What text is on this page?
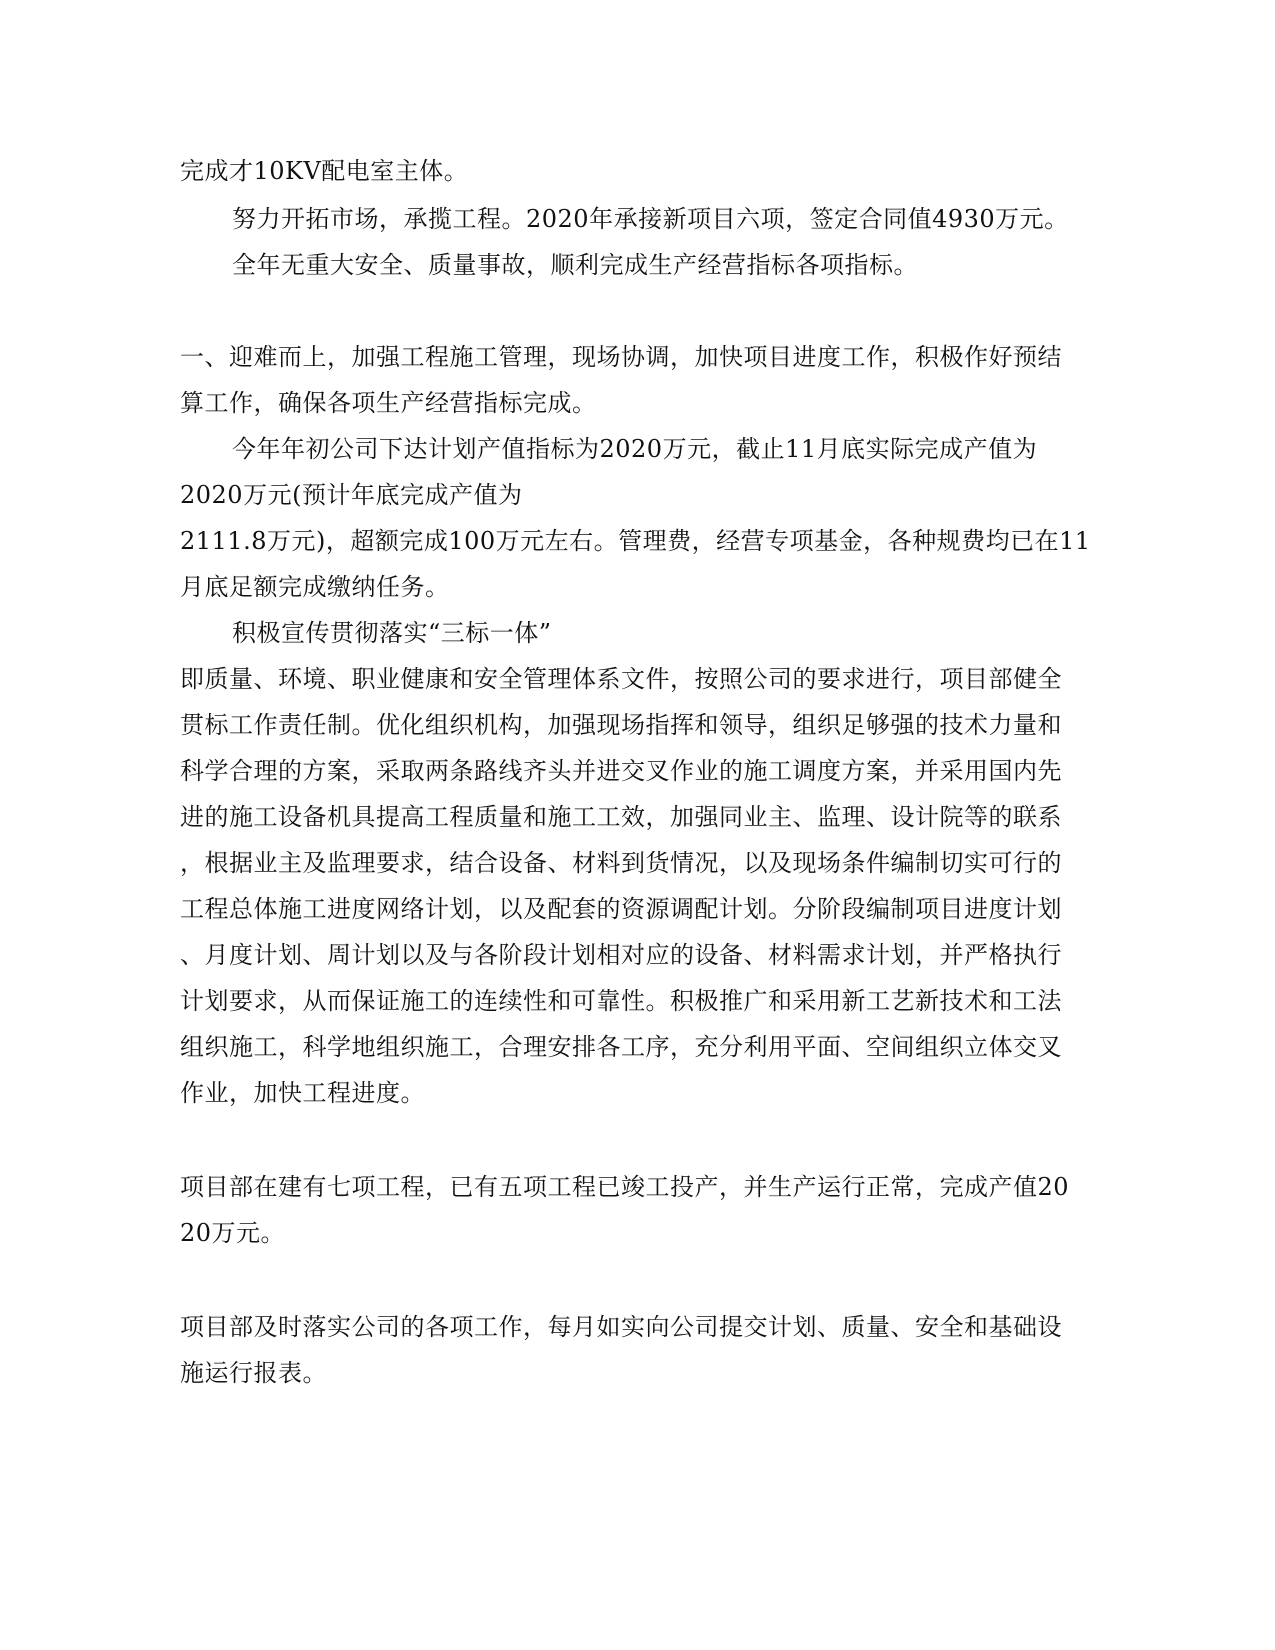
完成才10KV配电室主体。
努力开拓市场，承揽工程。2020年承接新项目六项，签定合同值4930万元。
全年无重大安全、质量事故，顺利完成生产经营指标各项指标。
一、迎难而上，加强工程施工管理，现场协调，加快项目进度工作，积极作好预结
算工作，确保各项生产经营指标完成。
今年年初公司下达计划产值指标为2020万元，截止11月底实际完成产值为
2020万元(预计年底完成产值为
2111.8万元)，超额完成100万元左右。管理费，经营专项基金，各种规费均已在11
月底足额完成缴纳任务。
积极宣传贯彻落实“三标一体”
即质量、环境、职业健康和安全管理体系文件，按照公司的要求进行，项目部健全
贯标工作责任制。优化组织机构，加强现场指挥和领导，组织足够强的技术力量和
科学合理的方案，采取两条路线齐头并进交叉作业的施工调度方案，并采用国内先
进的施工设备机具提高工程质量和施工工效，加强同业主、监理、设计院等的联系
，根据业主及监理要求，结合设备、材料到货情况，以及现场条件编制切实可行的
工程总体施工进度网络计划，以及配套的资源调配计划。分阶段编制项目进度计划
、月度计划、周计划以及与各阶段计划相对应的设备、材料需求计划，并严格执行
计划要求，从而保证施工的连续性和可靠性。积极推广和采用新工艺新技术和工法
组织施工，科学地组织施工，合理安排各工序，充分利用平面、空间组织立体交叉
作业，加快工程进度。
项目部在建有七项工程，已有五项工程已竣工投产，并生产运行正常，完成产值20
20万元。
项目部及时落实公司的各项工作，每月如实向公司提交计划、质量、安全和基础设
施运行报表。
